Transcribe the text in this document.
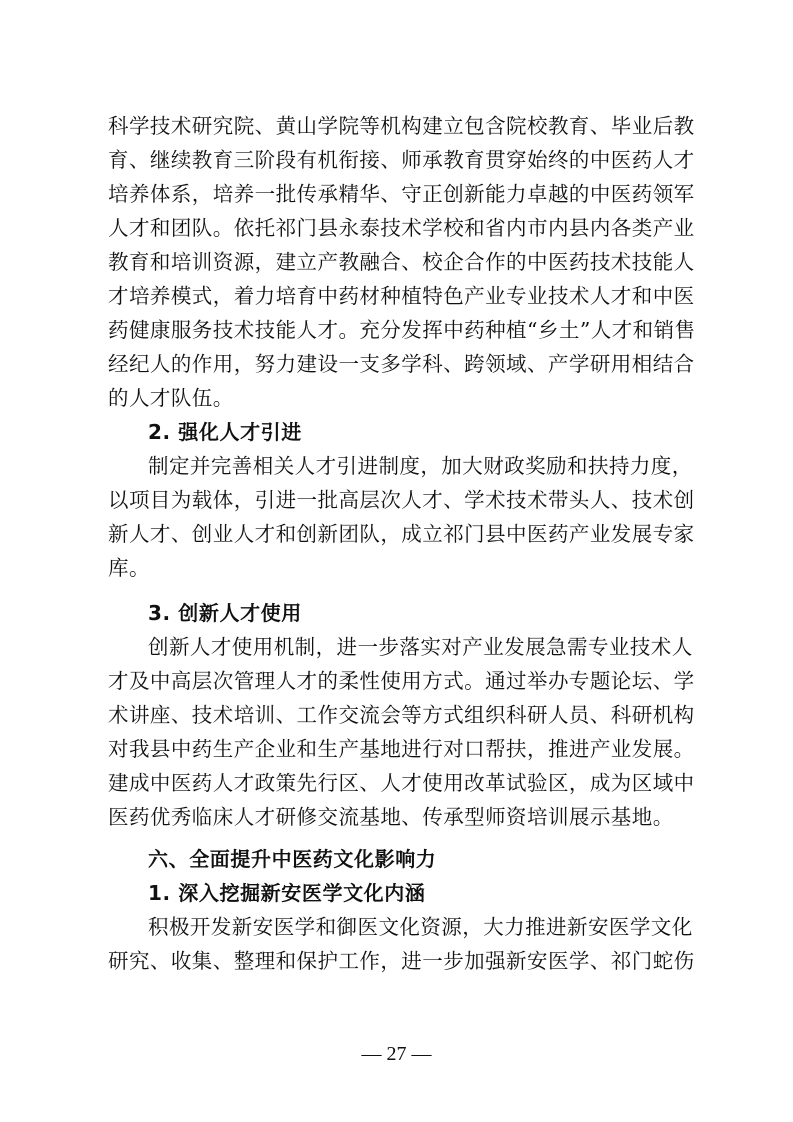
科学技术研究院、黄山学院等机构建立包含院校教育、毕业后教
育、继续教育三阶段有机衔接、师承教育贯穿始终的中医药人才
培养体系，培养一批传承精华、守正创新能力卓越的中医药领军
人才和团队。依托祁门县永泰技术学校和省内市内县内各类产业
教育和培训资源，建立产教融合、校企合作的中医药技术技能人
才培养模式，着力培育中药材种植特色产业专业技术人才和中医
药健康服务技术技能人才。充分发挥中药种植“乡土”人才和销售
经纪人的作用，努力建设一支多学科、跨领域、产学研用相结合
的人才队伍。
2. 强化人才引进
制定并完善相关人才引进制度，加大财政奖励和扶持力度，
以项目为载体，引进一批高层次人才、学术技术带头人、技术创
新人才、创业人才和创新团队，成立祁门县中医药产业发展专家
库。
3. 创新人才使用
创新人才使用机制，进一步落实对产业发展急需专业技术人
才及中高层次管理人才的柔性使用方式。通过举办专题论坛、学
术讲座、技术培训、工作交流会等方式组织科研人员、科研机构
对我县中药生产企业和生产基地进行对口帮扶，推进产业发展。
建成中医药人才政策先行区、人才使用改革试验区，成为区域中
医药优秀临床人才研修交流基地、传承型师资培训展示基地。
六、全面提升中医药文化影响力
1. 深入挖掘新安医学文化内涵
积极开发新安医学和御医文化资源，大力推进新安医学文化
研究、收集、整理和保护工作，进一步加强新安医学、祁门蛇伤
— 27 —
